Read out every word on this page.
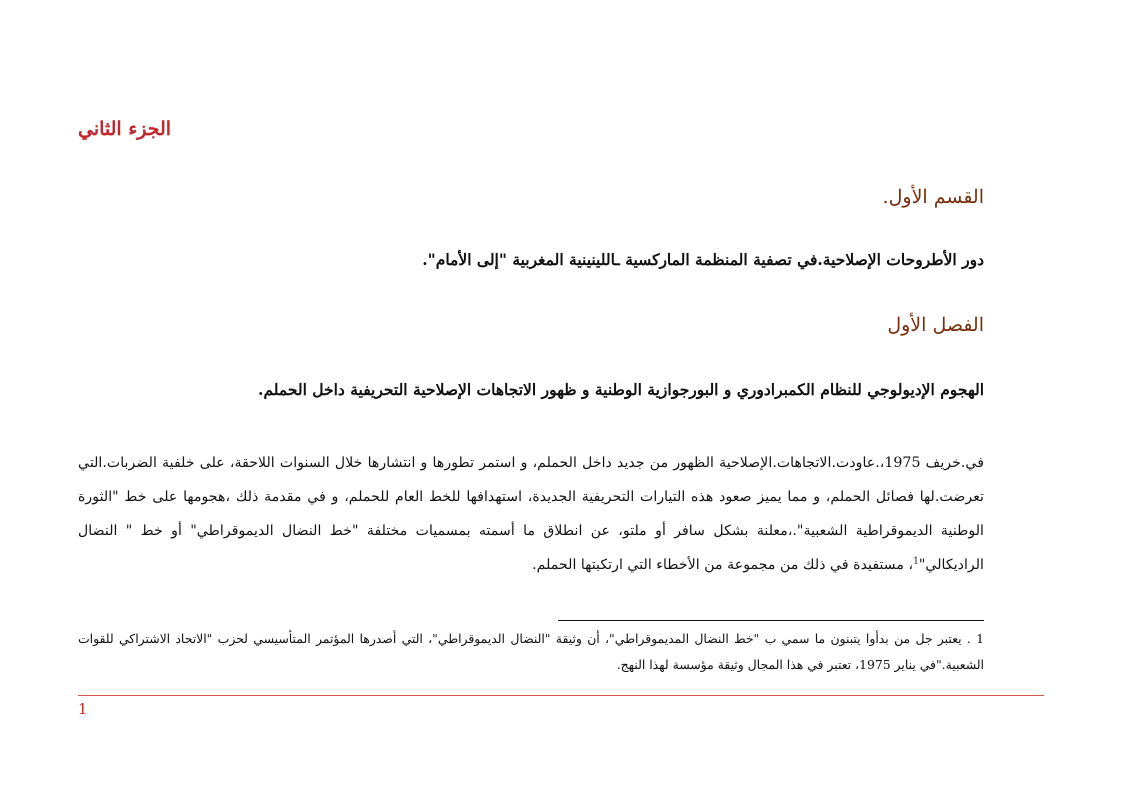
الجزء الثاني
القسم الأول.
دور الأطروحات الإصلاحية.في تصفية المنظمة الماركسية ـاللينينية المغربية "إلى الأمام".
الفصل الأول
الهجوم الإديولوجي للنظام الكمبرادوري و البورجوازية الوطنية و ظهور الاتجاهات الإصلاحية التحريفية داخل الحملم.

في.خريف 1975،.عاودت.الاتجاهات.الإصلاحية الظهور من جديد داخل الحملم، و استمر تطورها و انتشارها خلال السنوات اللاحقة، على خلفية الضربات.التي تعرضت.لها فصائل الحملم، و مما يميز صعود هذه التيارات التحريفية الجديدة، استهدافها للخط العام للحملم، و في مقدمة ذلك ،هجومها على خط "الثورة الوطنية الديموقراطية الشعبية".،معلنة بشكل سافر أو ملتو، عن انطلاق ما أسمته بمسميات مختلفة "خط النضال الديموقراطي" أو خط " النضال الراديكالي"$^1$، مستفيدة في ذلك من مجموعة من الأخطاء التي ارتكبتها الحملم.

1 . يعتبر جل من بدأوا يتبنون ما سمي ب "خط النضال المديموقراطي"، أن وثيقة "النضال الديموقراطي"، التي أصدرها المؤتمر المتأسيسي لحزب "الاتحاد الاشتراكي للقوات الشعبية."في يناير 1975، تعتبر في هذا المجال وثيقة مؤسسة لهذا النهج.

1
